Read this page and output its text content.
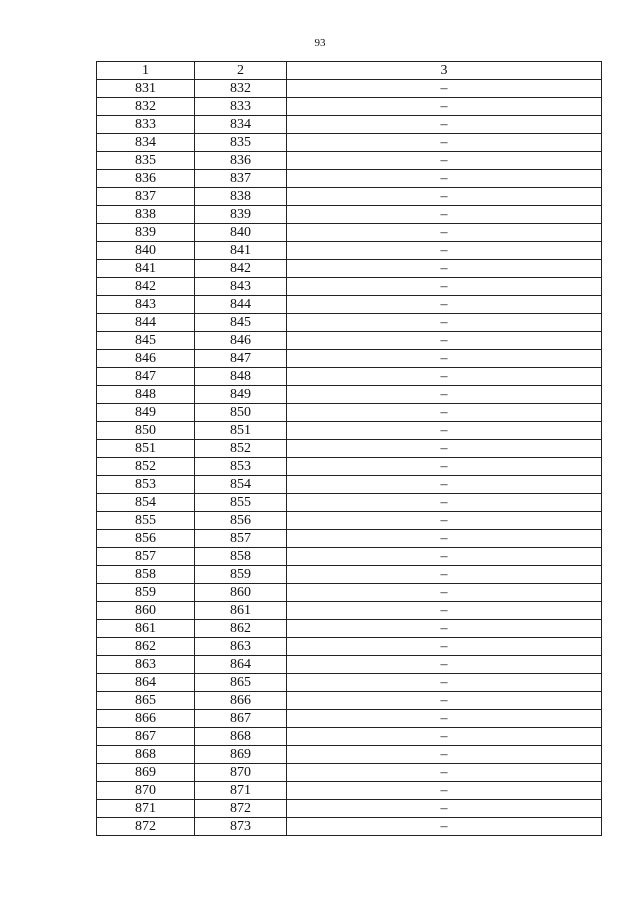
93
1	2	3
831	832	–
832	833	–
833	834	–
834	835	–
835	836	–
836	837	–
837	838	–
838	839	–
839	840	–
840	841	–
841	842	–
842	843	–
843	844	–
844	845	–
845	846	–
846	847	–
847	848	–
848	849	–
849	850	–
850	851	–
851	852	–
852	853	–
853	854	–
854	855	–
855	856	–
856	857	–
857	858	–
858	859	–
859	860	–
860	861	–
861	862	–
862	863	–
863	864	–
864	865	–
865	866	–
866	867	–
867	868	–
868	869	–
869	870	–
870	871	–
871	872	–
872	873	–
